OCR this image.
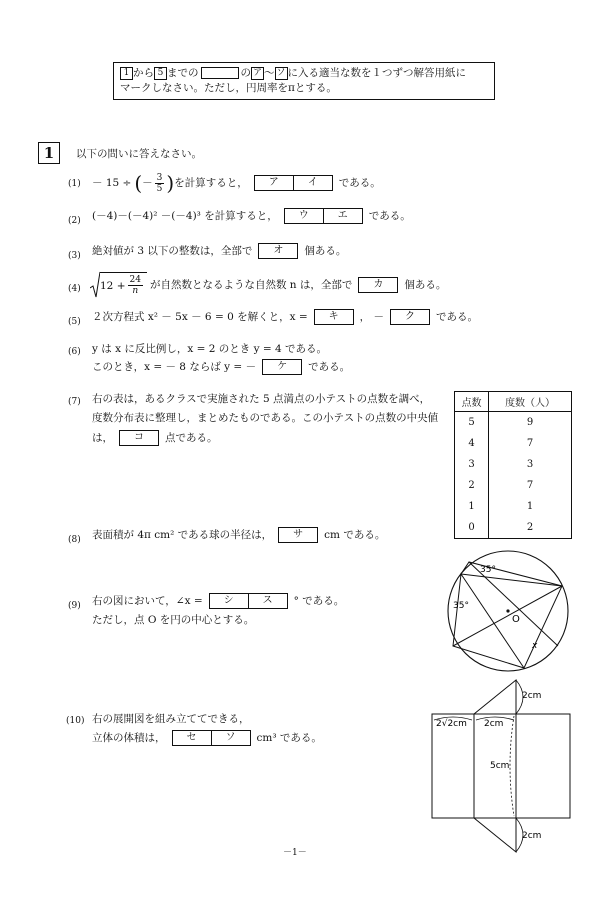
1 から 5 までの	の ア 〜 ソ に入る適当な数を１つずつ解答用紙に
マークしなさい。ただし，円周率をπとする。
1	以下の問いに答えなさい。
(1) － 15 ÷ ( － $\frac{3}{5}$ ) を計算すると，	ア	イ	である。
(2) (－4)－(－4)² －(－4)³ を計算すると，	ウ	エ	である。
(3) 絶対値が 3 以下の整数は，全部で	オ	個ある。
(4) $12 + \frac{24}{n}$ が自然数となるような自然数 n は，全部で	カ	個ある。
(5) ２次方程式 x² － 5x － 6 = 0 を解くと，x =	キ	， －	ク	である。
(6) y は x に反比例し，x = 2 のとき y = 4 である。
このとき，x = － 8 ならば y = －	ケ	である。
(7) 右の表は，あるクラスで実施された 5 点満点の小テストの点数を調べ，
度数分布表に整理し，まとめたものである。この小テストの点数の中央値
は，	コ	点である。
点数	度数（人）
5	9
4	7
3	3
2	7
1	1
0	2
(8) 表面積が 4π cm² である球の半径は，	サ	cm である。
(9) 右の図において，∠x =	シ	ス	° である。
ただし，点 O を円の中心とする。
35°
35°
O
x
(10) 右の展開図を組み立ててできる，
立体の体積は，	セ	ソ	cm³ である。
2cm
2√2cm 2cm
5cm
2cm
－1－
